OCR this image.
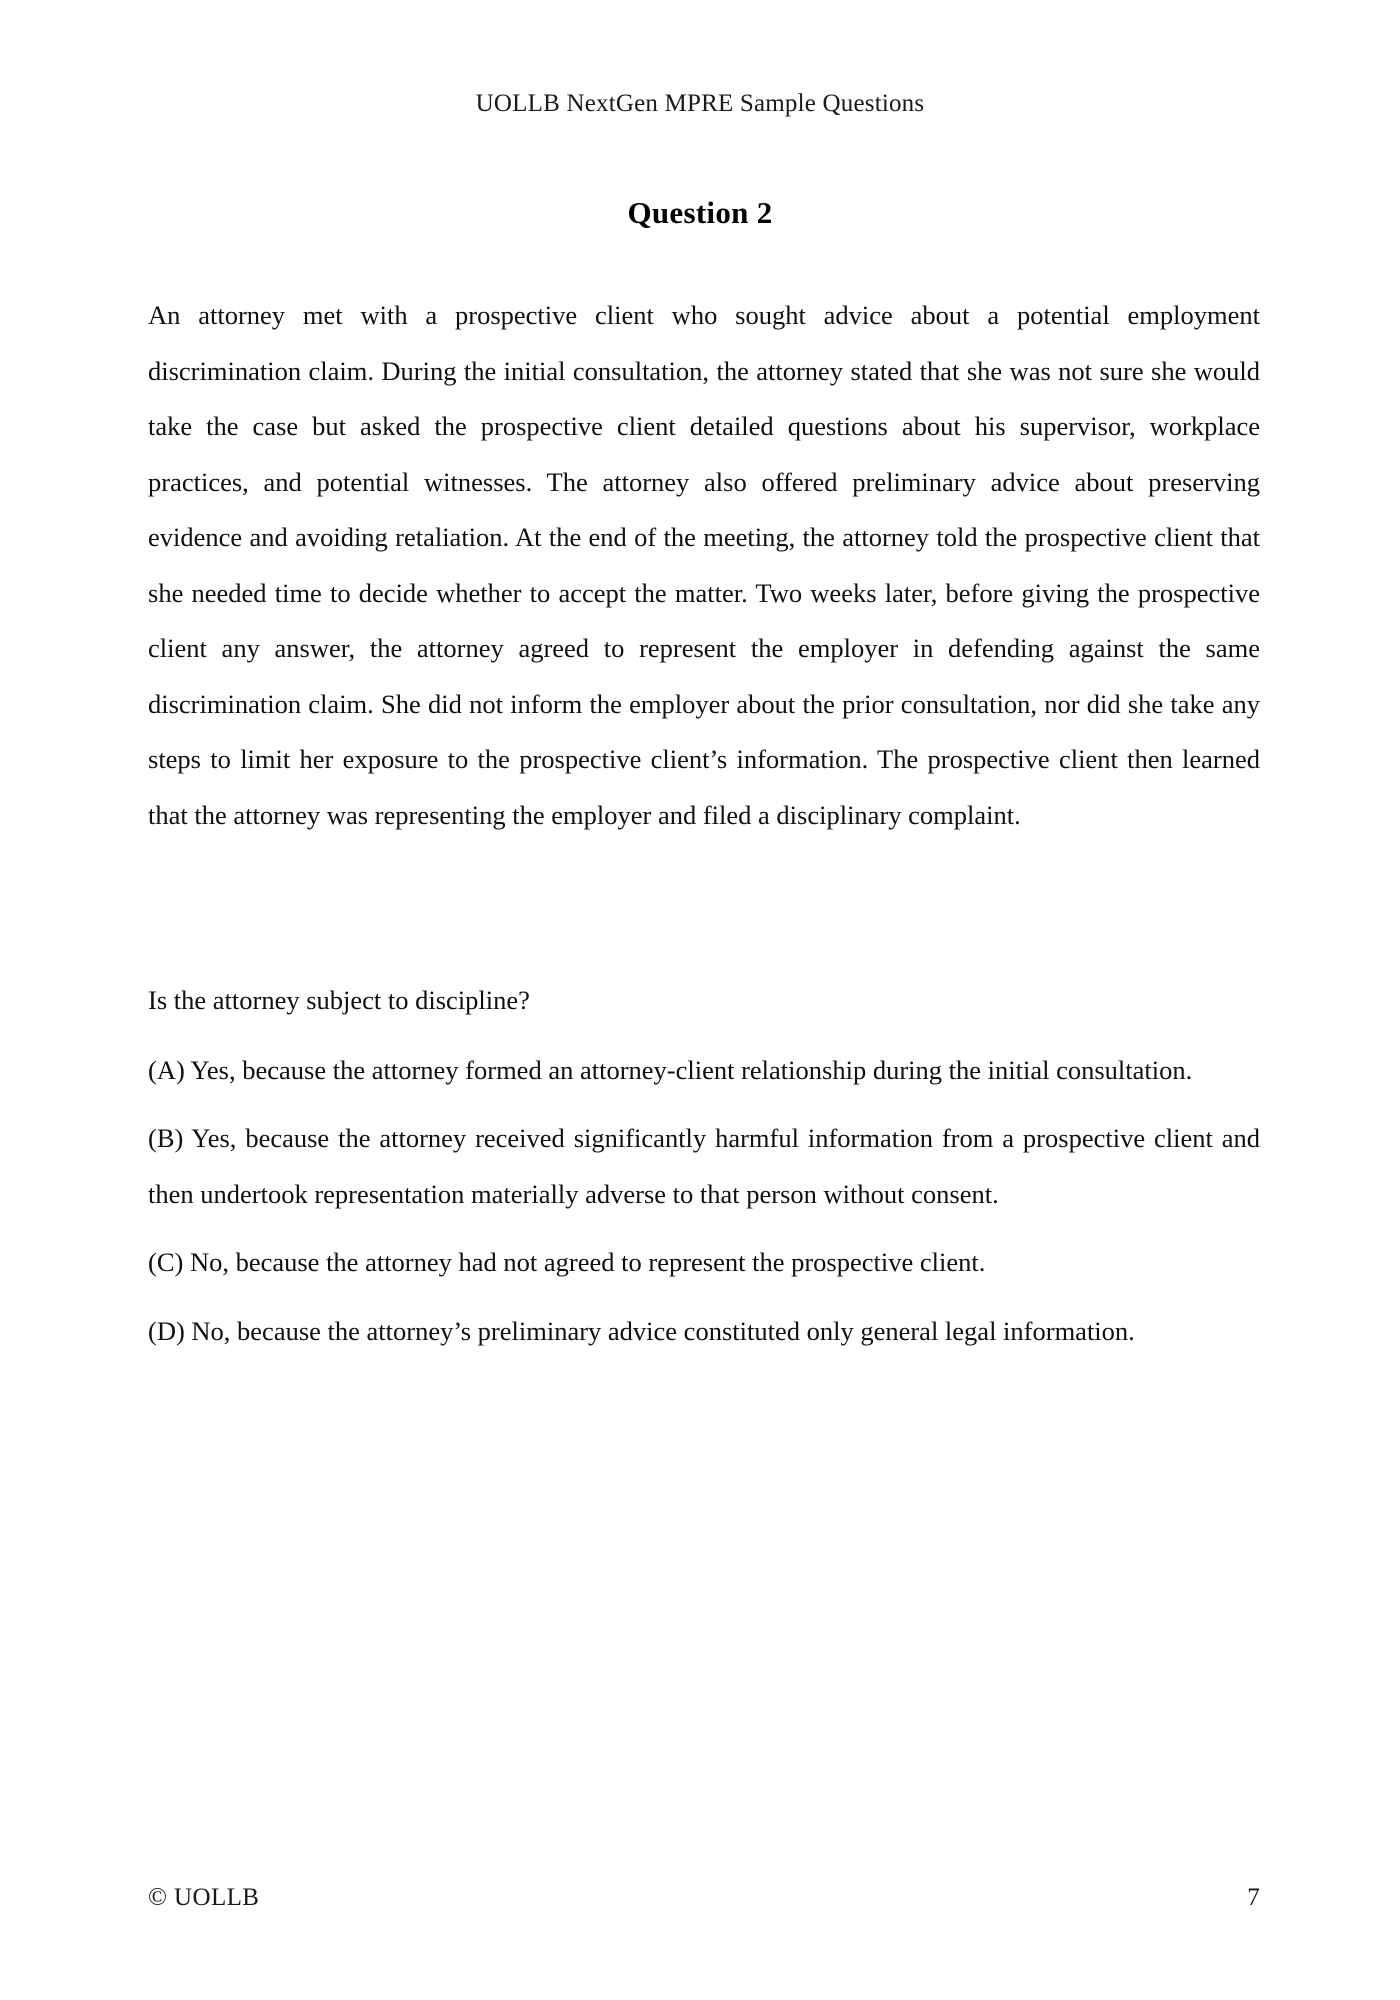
UOLLB NextGen MPRE Sample Questions
Question 2

An attorney met with a prospective client who sought advice about a potential employment discrimination claim. During the initial consultation, the attorney stated that she was not sure she would take the case but asked the prospective client detailed questions about his supervisor, workplace practices, and potential witnesses. The attorney also offered preliminary advice about preserving evidence and avoiding retaliation. At the end of the meeting, the attorney told the prospective client that she needed time to decide whether to accept the matter. Two weeks later, before giving the prospective client any answer, the attorney agreed to represent the employer in defending against the same discrimination claim. She did not inform the employer about the prior consultation, nor did she take any steps to limit her exposure to the prospective client’s information. The prospective client then learned that the attorney was representing the employer and filed a disciplinary complaint.

Is the attorney subject to discipline?

(A) Yes, because the attorney formed an attorney-client relationship during the initial consultation.
(B) Yes, because the attorney received significantly harmful information from a prospective client and then undertook representation materially adverse to that person without consent.
(C) No, because the attorney had not agreed to represent the prospective client.
(D) No, because the attorney’s preliminary advice constituted only general legal information.
© UOLLB	7
